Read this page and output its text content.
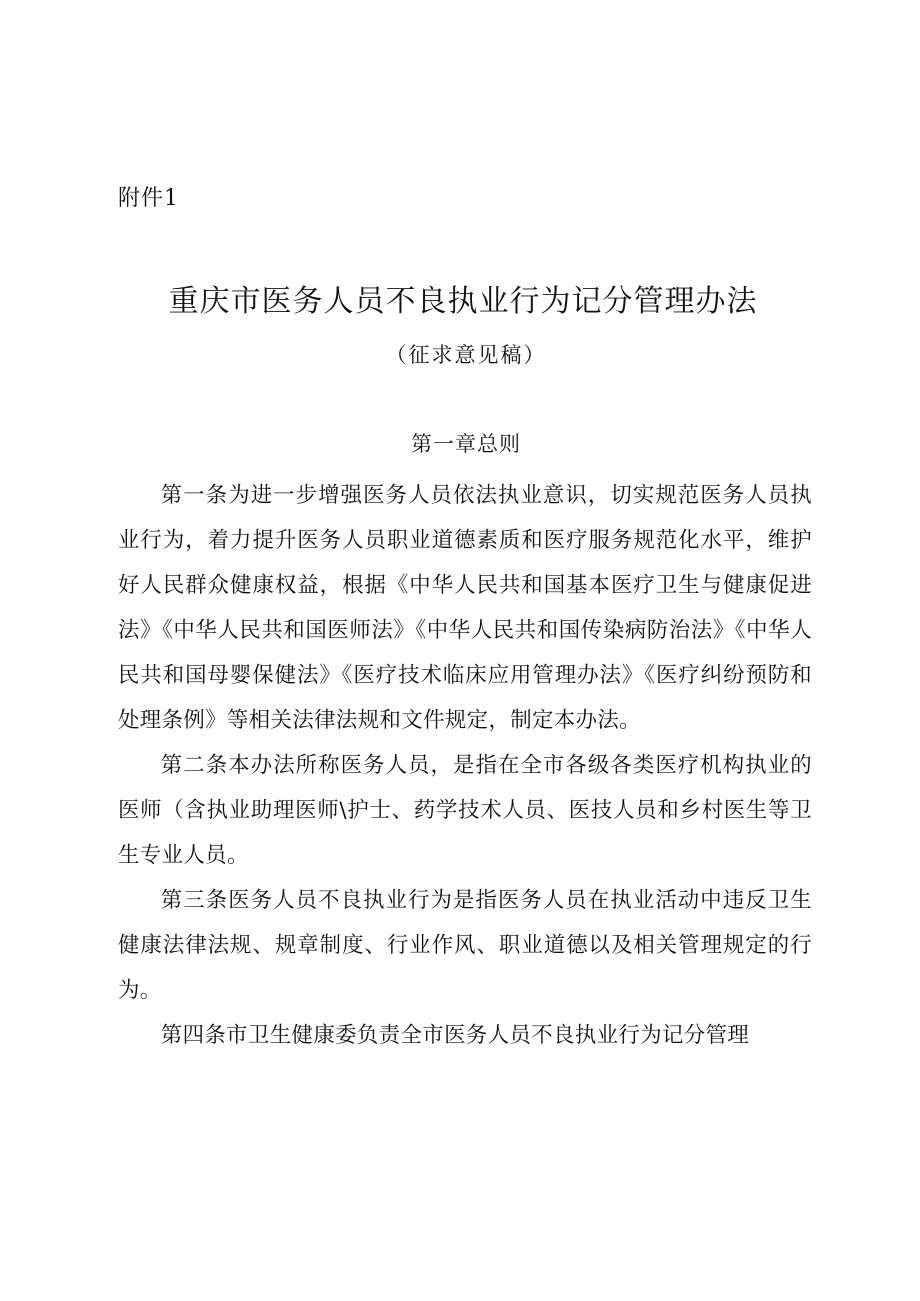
附件1
重庆市医务人员不良执业行为记分管理办法
（征求意见稿）
第一章总则

第一条为进一步增强医务人员依法执业意识，切实规范医务人员执业行为，着力提升医务人员职业道德素质和医疗服务规范化水平，维护好人民群众健康权益，根据《中华人民共和国基本医疗卫生与健康促进法》《中华人民共和国医师法》《中华人民共和国传染病防治法》《中华人民共和国母婴保健法》《医疗技术临床应用管理办法》《医疗纠纷预防和处理条例》等相关法律法规和文件规定，制定本办法。

第二条本办法所称医务人员，是指在全市各级各类医疗机构执业的医师（含执业助理医师\护士、药学技术人员、医技人员和乡村医生等卫生专业人员。

第三条医务人员不良执业行为是指医务人员在执业活动中违反卫生健康法律法规、规章制度、行业作风、职业道德以及相关管理规定的行为。

第四条市卫生健康委负责全市医务人员不良执业行为记分管理
